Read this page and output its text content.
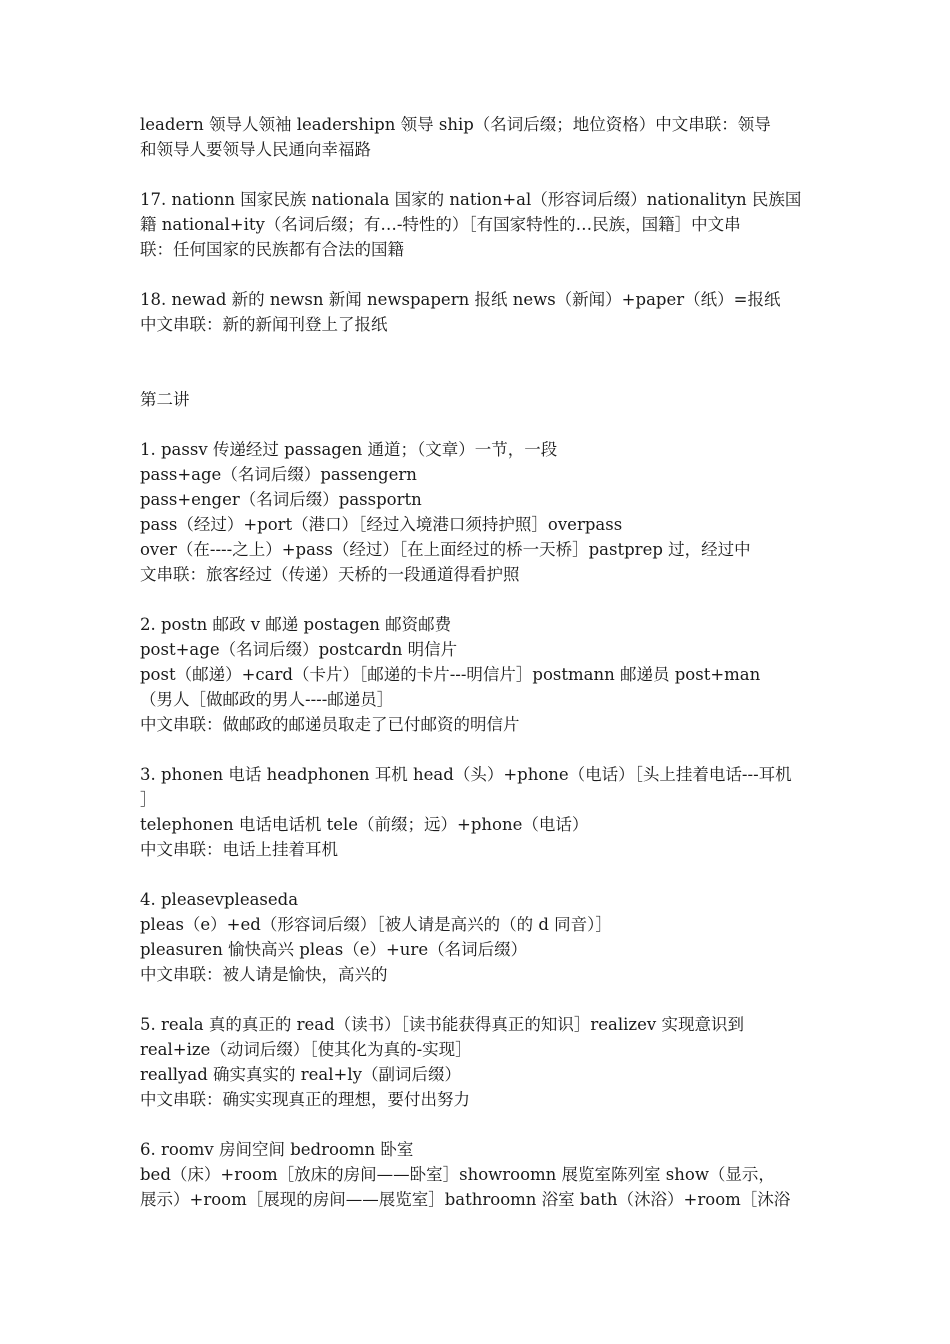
leadern 领导人领袖 leadershipn 领导 ship（名词后缀；地位资格）中文串联：领导
和领导人要领导人民通向幸福路
17. nationn 国家民族 nationala 国家的 nation+al（形容词后缀）nationalityn 民族国
籍 national+ity（名词后缀；有…-特性的）［有国家特性的…民族，国籍］中文串
联：任何国家的民族都有合法的国籍
18. newad 新的 newsn 新闻 newspapern 报纸 news（新闻）+paper（纸）=报纸
中文串联：新的新闻刊登上了报纸
第二讲
1. passv 传递经过 passagen 通道；（文章）一节，一段
pass+age（名词后缀）passengern
pass+enger（名词后缀）passportn
pass（经过）+port（港口）［经过入境港口须持护照］overpass
over（在----之上）+pass（经过）［在上面经过的桥一天桥］pastprep 过，经过中
文串联：旅客经过（传递）天桥的一段通道得看护照
2. postn 邮政 v 邮递 postagen 邮资邮费
post+age（名词后缀）postcardn 明信片
post（邮递）+card（卡片）［邮递的卡片---明信片］postmann 邮递员 post+man
（男人［做邮政的男人----邮递员］
中文串联：做邮政的邮递员取走了已付邮资的明信片
3. phonen 电话 headphonen 耳机 head（头）+phone（电话）［头上挂着电话---耳机
］
telephonen 电话电话机 tele（前缀；远）+phone（电话）
中文串联：电话上挂着耳机
4. pleasevpleaseda
pleas（e）+ed（形容词后缀）［被人请是高兴的（的 d 同音）］
pleasuren 愉快高兴 pleas（e）+ure（名词后缀）
中文串联：被人请是愉快，高兴的
5. reala 真的真正的 read（读书）［读书能获得真正的知识］realizev 实现意识到
real+ize（动词后缀）［使其化为真的-实现］
reallyad 确实真实的 real+ly（副词后缀）
中文串联：确实实现真正的理想，要付出努力
6. roomv 房间空间 bedroomn 卧室
bed（床）+room［放床的房间——卧室］showroomn 展览室陈列室 show（显示，
展示）+room［展现的房间——展览室］bathroomn 浴室 bath（沐浴）+room［沐浴
